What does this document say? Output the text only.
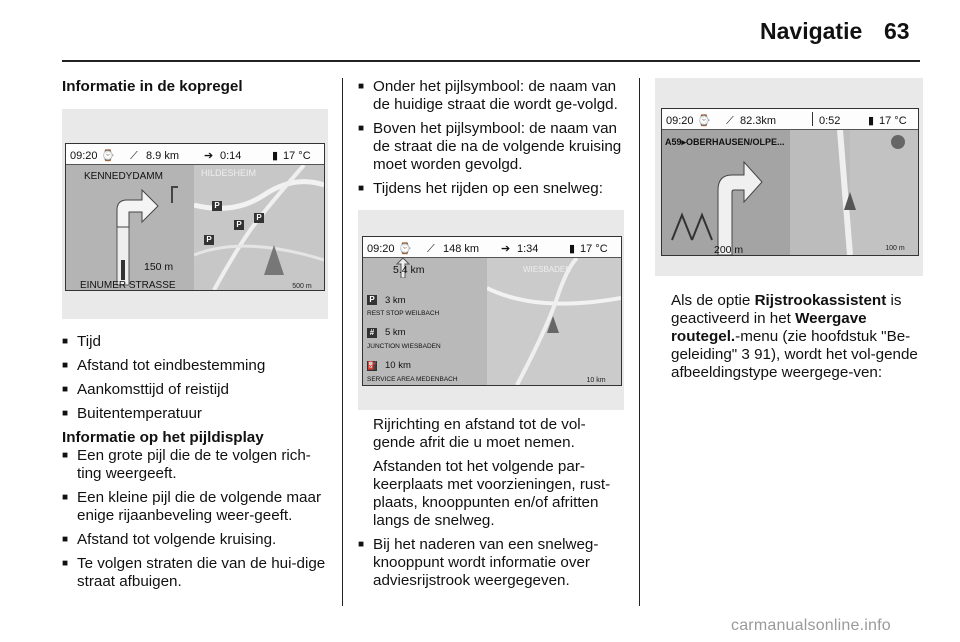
Navigatie 63
Informatie in de kopregel
09:20 ⌚ ⟋ 8.9 km ➔ 0:14	▮ 17 °C
KENNEDYDAMM
150 m
EINUMER STRASSE
HILDESHEIM
P
P
P
P
500 m
■ Tijd
■ Afstand tot eindbestemming
■ Aankomsttijd of reistijd
■ Buitentemperatuur
Informatie op het pijldisplay
■ Een grote pijl die de te volgen rich-ting weergeeft.
■ Een kleine pijl die de volgende maar enige rijaanbeveling weer-geeft.
■ Afstand tot volgende kruising.
■ Te volgen straten die van de hui-dige straat afbuigen.
■ Onder het pijlsymbool: de naam van de huidige straat die wordt ge-volgd.
■ Boven het pijlsymbool: de naam van de straat die na de volgende kruising moet worden gevolgd.
■ Tijdens het rijden op een snelweg:
09:20 ⌚ ⟋ 148 km ➔ 1:34	▮ 17 °C
5.4 km
P 3 km
REST STOP WEILBACH
# 5 km
JUNCTION WIESBADEN
⛽ 10 km
SERVICE AREA MEDENBACH
WIESBADEN
10 km
Rijrichting en afstand tot de vol-gende afrit die u moet nemen.
Afstanden tot het volgende par-keerplaats met voorzieningen, rust-plaats, knooppunten en/of afritten langs de snelweg.
■ Bij het naderen van een snelweg-knooppunt wordt informatie over adviesrijstrook weergegeven.
09:20 ⌚ ⟋ 82.3km	0:52	▮ 17 °C
A59▸OBERHAUSEN/OLPE...
200 m	100 m
Als de optie Rijstrookassistent is geactiveerd in het Weergave routegel.-menu (zie hoofdstuk "Be-geleiding" 3 91), wordt het vol-gende afbeeldingstype weergege-ven:
carmanualsonline.info
